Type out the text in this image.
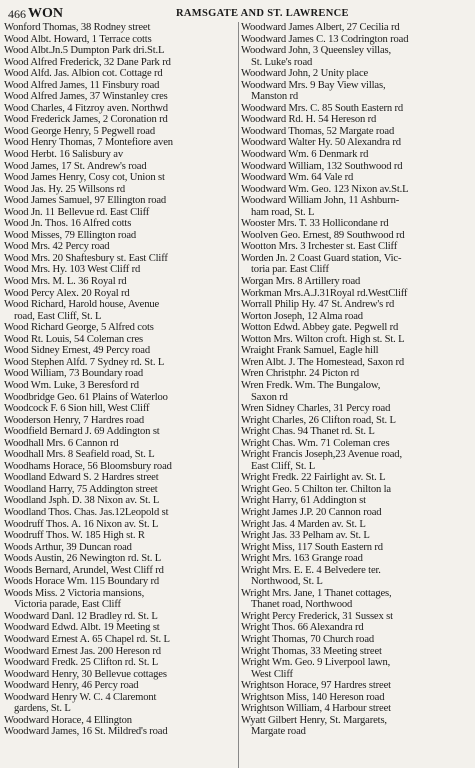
466 WON	RAMSGATE AND ST. LAWRENCE
Wonford Thomas, 38 Rodney street
Wood Albt. Howard, 1 Terrace cotts
Wood Albt.Jn.5 Dumpton Park dri.St.L
Wood Alfred Frederick, 32 Dane Park rd
Wood Alfd. Jas. Albion cot. Cottage rd
Wood Alfred James, 11 Finsbury road
Wood Alfred James, 37 Winstanley cres
Wood Charles, 4 Fitzroy aven. Northwd
Wood Frederick James, 2 Coronation rd
Wood George Henry, 5 Pegwell road
Wood Henry Thomas, 7 Montefiore aven
Wood Herbt. 16 Salisbury av
Wood James, 17 St. Andrew's road
Wood James Henry, Cosy cot, Union st
Wood Jas. Hy. 25 Willsons rd
Wood James Samuel, 97 Ellington road
Wood Jn. 11 Bellevue rd. East Cliff
Wood Jn. Thos. 16 Alfred cotts
Wood Misses, 79 Ellington road
Wood Mrs. 42 Percy road
Wood Mrs. 20 Shaftesbury st. East Cliff
Wood Mrs. Hy. 103 West Cliff rd
Wood Mrs. M. L. 36 Royal rd
Wood Percy Alex. 20 Royal rd
Wood Richard, Harold house, Avenue
road, East Cliff, St. L
Wood Richard George, 5 Alfred cots
Wood Rt. Louis, 54 Coleman cres
Wood Sidney Ernest, 49 Percy road
Wood Stephen Alfd. 7 Sydney rd. St. L
Wood William, 73 Boundary road
Wood Wm. Luke, 3 Beresford rd
Woodbridge Geo. 61 Plains of Waterloo
Woodcock F. 6 Sion hill, West Cliff
Wooderson Henry, 7 Hardres road
Woodfield Bernard J. 69 Addington st
Woodhall Mrs. 6 Cannon rd
Woodhall Mrs. 8 Seafield road, St. L
Woodhams Horace, 56 Bloomsbury road
Woodland Edward S. 2 Hardres street
Woodland Harry, 75 Addington street
Woodland Jsph. D. 38 Nixon av. St. L
Woodland Thos. Chas. Jas.12Leopold st
Woodruff Thos. A. 16 Nixon av. St. L
Woodruff Thos. W. 185 High st. R
Woods Arthur, 39 Duncan road
Woods Austin, 26 Newington rd. St. L
Woods Bernard, Arundel, West Cliff rd
Woods Horace Wm. 115 Boundary rd
Woods Miss. 2 Victoria mansions,
Victoria parade, East Cliff
Woodward Danl. 12 Bradley rd. St. L
Woodward Edwd. Albt. 19 Meeting st
Woodward Ernest A. 65 Chapel rd. St. L
Woodward Ernest Jas. 200 Hereson rd
Woodward Fredk. 25 Clifton rd. St. L
Woodward Henry, 30 Bellevue cottages
Woodward Henry, 46 Percy road
Woodward Henry W. C. 4 Claremont
gardens, St. L
Woodward Horace, 4 Ellington
Woodward James, 16 St. Mildred's road
Woodward James Albert, 27 Cecilia rd
Woodward James C. 13 Codrington road
Woodward John, 3 Queensley villas,
St. Luke's road
Woodward John, 2 Unity place
Woodward Mrs. 9 Bay View villas,
Manston rd
Woodward Mrs. C. 85 South Eastern rd
Woodward Rd. H. 54 Hereson rd
Woodward Thomas, 52 Margate road
Woodward Walter Hy. 50 Alexandra rd
Woodward Wm. 6 Denmark rd
Woodward William, 132 Southwood rd
Woodward Wm. 64 Vale rd
Woodward Wm. Geo. 123 Nixon av.St.L
Woodward William John, 11 Ashburn-
ham road, St. L
Wooster Mrs. T. 33 Hollicondane rd
Woolven Geo. Ernest, 89 Southwood rd
Wootton Mrs. 3 Irchester st. East Cliff
Worden Jn. 2 Coast Guard station, Vic-
toria par. East Cliff
Worgan Mrs. 8 Artillery road
Workman Mrs.A.J.31Royal rd.WestCliff
Worrall Philip Hy. 47 St. Andrew's rd
Worton Joseph, 12 Alma road
Wotton Edwd. Abbey gate. Pegwell rd
Wotton Mrs. Wilton croft. High st. St. L
Wraight Frank Samuel, Eagle hill
Wren Albt. J. The Homestead, Saxon rd
Wren Christphr. 24 Picton rd
Wren Fredk. Wm. The Bungalow,
Saxon rd
Wren Sidney Charles, 31 Percy road
Wright Charles, 26 Clifton road, St. L
Wright Chas. 94 Thanet rd. St. L
Wright Chas. Wm. 71 Coleman cres
Wright Francis Joseph,23 Avenue road,
East Cliff, St. L
Wright Fredk. 22 Fairlight av. St. L
Wright Geo. 5 Chilton ter. Chilton la
Wright Harry, 61 Addington st
Wright James J.P. 20 Cannon road
Wright Jas. 4 Marden av. St. L
Wright Jas. 33 Pelham av. St. L
Wright Miss, 117 South Eastern rd
Wright Mrs. 163 Grange road
Wright Mrs. E. E. 4 Belvedere ter.
Northwood, St. L
Wright Mrs. Jane, 1 Thanet cottages,
Thanet road, Northwood
Wright Percy Frederick, 31 Sussex st
Wright Thos. 66 Alexandra rd
Wright Thomas, 70 Church road
Wright Thomas, 33 Meeting street
Wright Wm. Geo. 9 Liverpool lawn,
West Cliff
Wrightson Horace, 97 Hardres street
Wrightson Miss, 140 Hereson road
Wrightson William, 4 Harbour street
Wyatt Gilbert Henry, St. Margarets,
Margate road
